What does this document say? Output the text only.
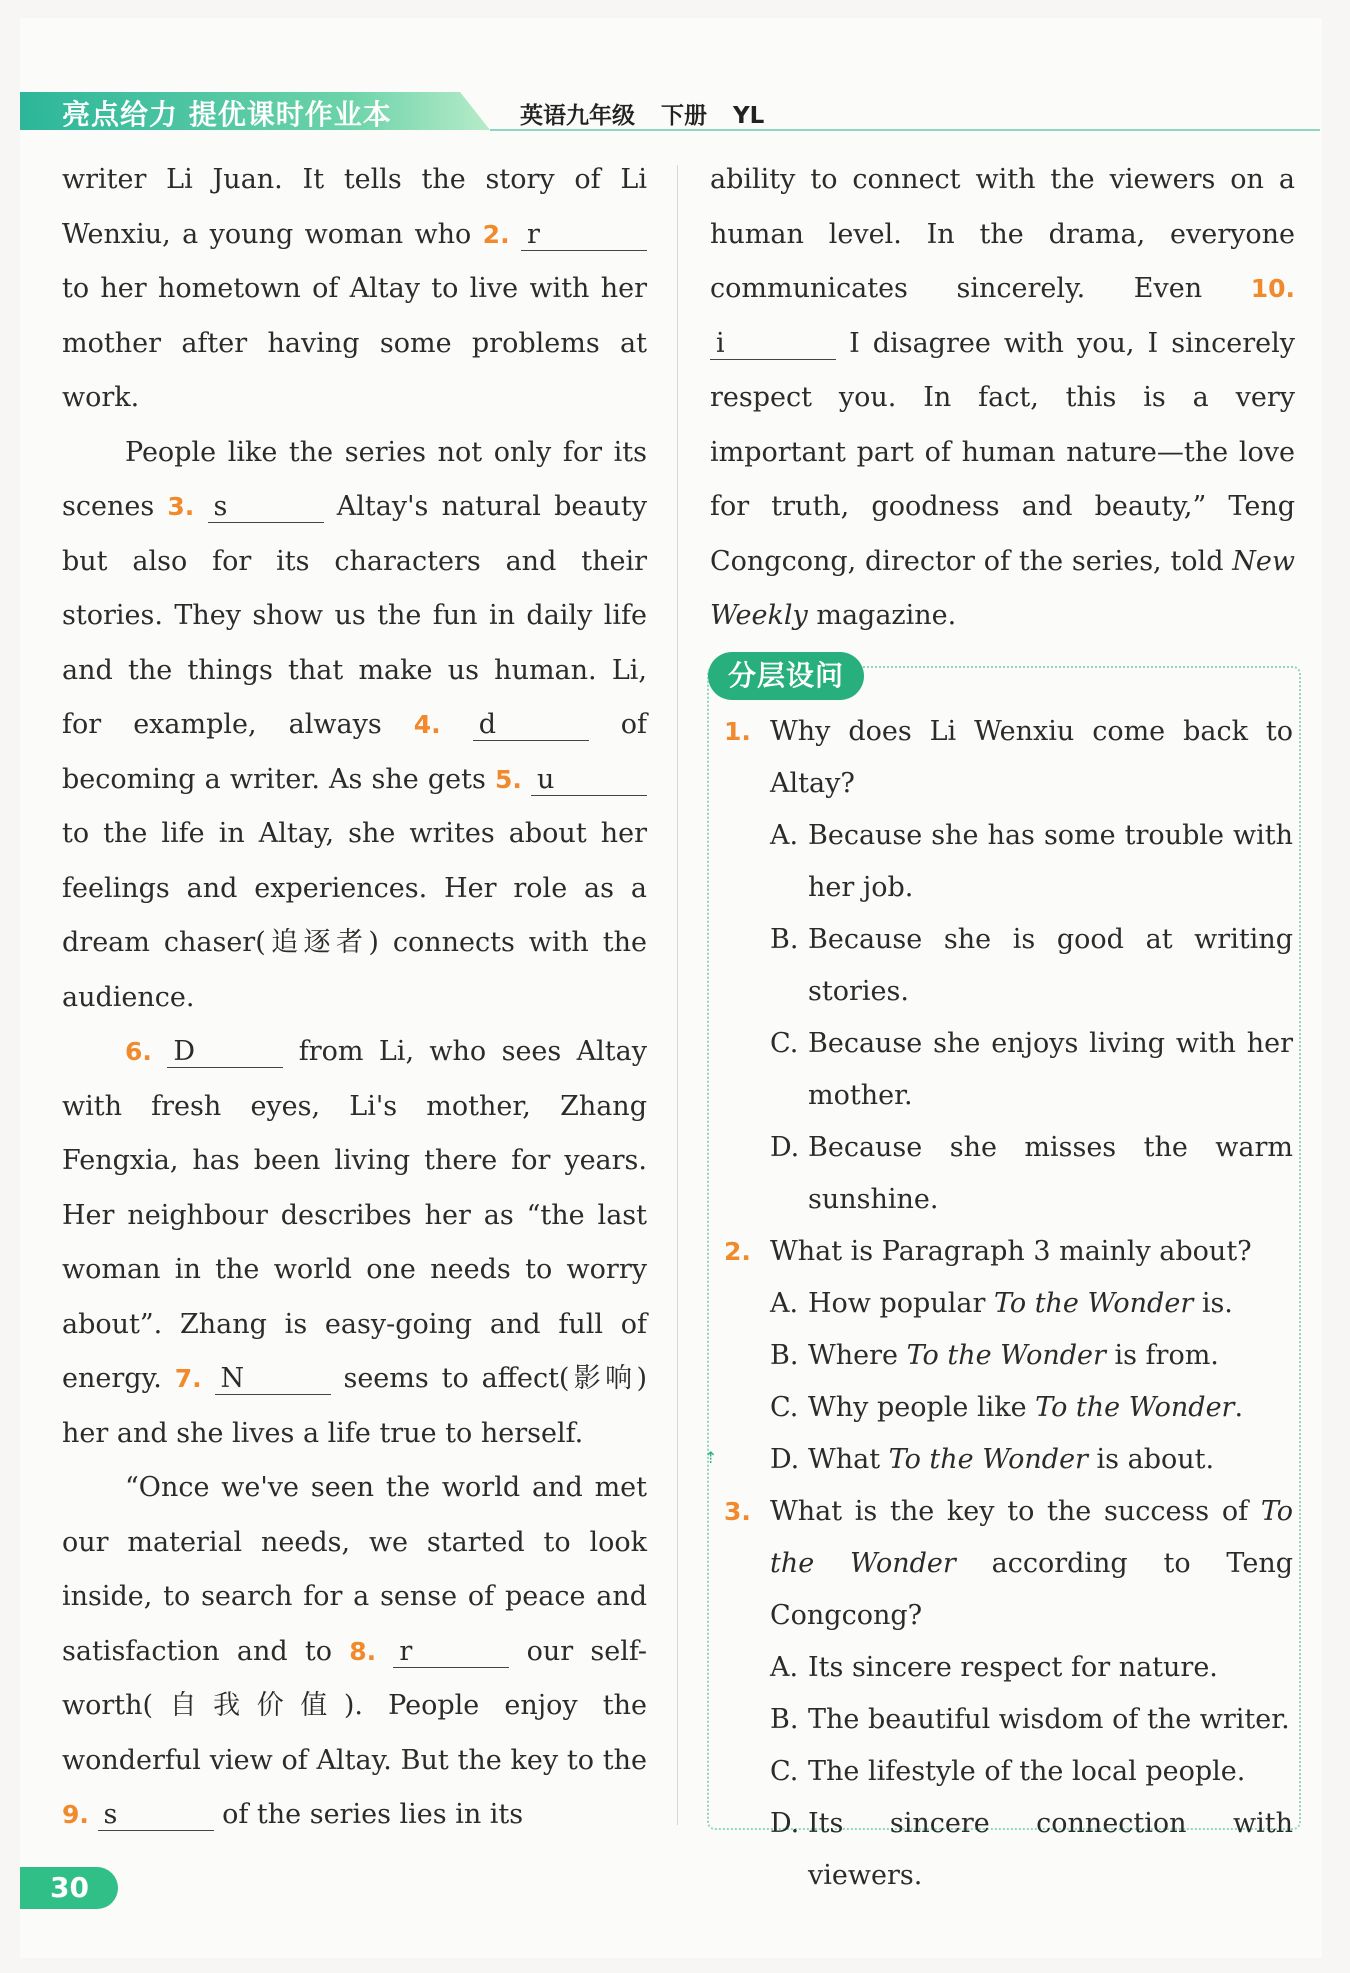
亮点给力 提优课时作业本	英语九年级 下册 YL

writer Li Juan. It tells the story of Li Wenxiu, a young woman who 2. r to her hometown of Altay to live with her mother after having some problems at work.

People like the series not only for its scenes 3. s	Altay's natural beauty but also for its characters and their stories. They show us the fun in daily life and the things that make us human. Li, for example, always 4. d	of becoming a writer. As she gets 5. u to the life in Altay, she writes about her feelings and experiences. Her role as a dream chaser(追逐者) connects with the audience.

6. D	from Li, who sees Altay with fresh eyes, Li's mother, Zhang Fengxia, has been living there for years. Her neighbour describes her as “the last woman in the world one needs to worry about”. Zhang is easy-going and full of energy. 7. N	seems to affect(影响) her and she lives a life true to herself.

“Once we've seen the world and met our material needs, we started to look inside, to search for a sense of peace and satisfaction and to 8. r	our self-worth(自我价值). People enjoy the wonderful view of Altay. But the key to the 9. s	of the series lies in its

ability to connect with the viewers on a human level. In the drama, everyone communicates sincerely. Even 10. i	I disagree with you, I sincerely respect you. In fact, this is a very important part of human nature—the love for truth, goodness and beauty,” Teng Congcong, director of the series, told New Weekly magazine.

分层设问
⇡
1. Why does Li Wenxiu come back to Altay?
A. Because she has some trouble with her job.
B. Because she is good at writing stories.
C. Because she enjoys living with her mother.
D. Because she misses the warm sunshine.
2. What is Paragraph 3 mainly about?
A. How popular To the Wonder is.
B. Where To the Wonder is from.
C. Why people like To the Wonder.
D. What To the Wonder is about.
3. What is the key to the success of To the Wonder according to Teng Congcong?
A. Its sincere respect for nature.
B. The beautiful wisdom of the writer.
C. The lifestyle of the local people.
D. Its sincere connection with viewers.
30
